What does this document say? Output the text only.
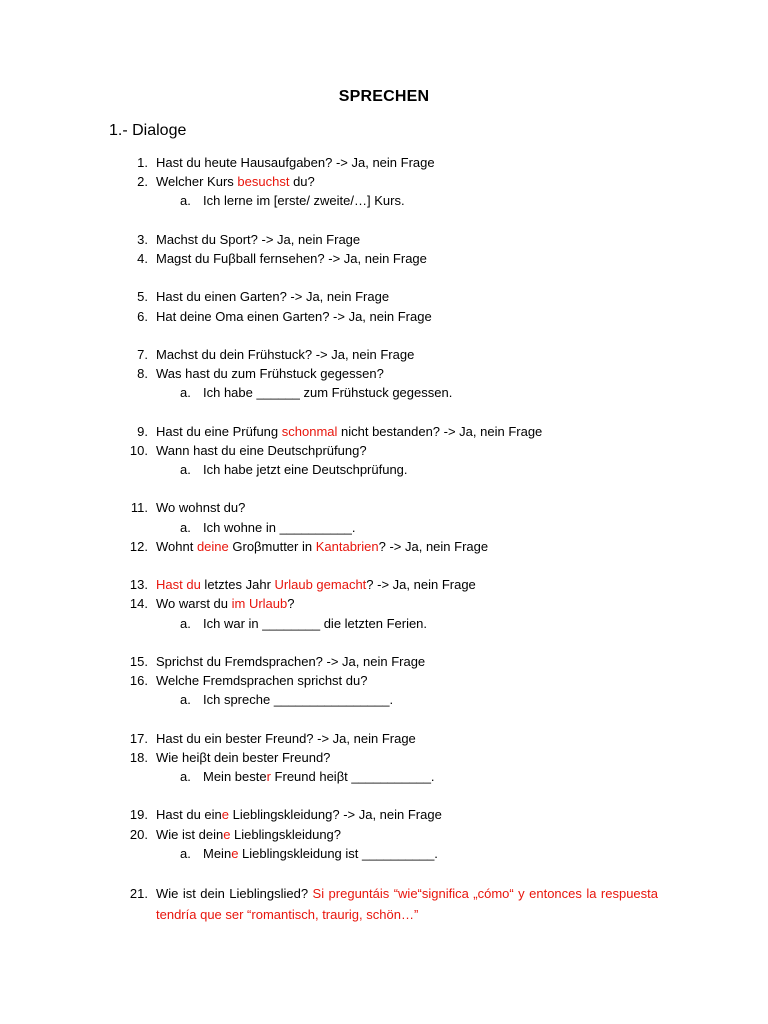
SPRECHEN
1.- Dialoge
1. Hast du heute Hausaufgaben? -> Ja, nein Frage
2. Welcher Kurs besuchst du?
a. Ich lerne im [erste/ zweite/…] Kurs.
3. Machst du Sport? -> Ja, nein Frage
4. Magst du Fuβball fernsehen? -> Ja, nein Frage
5. Hast du einen Garten? -> Ja, nein Frage
6. Hat deine Oma einen Garten? -> Ja, nein Frage
7. Machst du dein Frühstuck? -> Ja, nein Frage
8. Was hast du zum Frühstuck gegessen?
a. Ich habe ______ zum Frühstuck gegessen.
9. Hast du eine Prüfung schonmal nicht bestanden? -> Ja, nein Frage
10. Wann hast du eine Deutschprüfung?
a. Ich habe jetzt eine Deutschprüfung.
11. Wo wohnst du?
a. Ich wohne in __________.
12. Wohnt deine Groβmutter in Kantabrien? -> Ja, nein Frage
13. Hast du letztes Jahr Urlaub gemacht? -> Ja, nein Frage
14. Wo warst du im Urlaub?
a. Ich war in ________ die letzten Ferien.
15. Sprichst du Fremdsprachen? -> Ja, nein Frage
16. Welche Fremdsprachen sprichst du?
a. Ich spreche ________________.
17. Hast du ein bester Freund? -> Ja, nein Frage
18. Wie heiβt dein bester Freund?
a. Mein bester Freund heiβt ___________.
19. Hast du eine Lieblingskleidung? -> Ja, nein Frage
20. Wie ist deine Lieblingskleidung?
a. Meine Lieblingskleidung ist __________.
21. Wie ist dein Lieblingslied? Si preguntáis “wie“significa „cómo“ y entonces la respuesta tendría que ser “romantisch, traurig, schön…”
